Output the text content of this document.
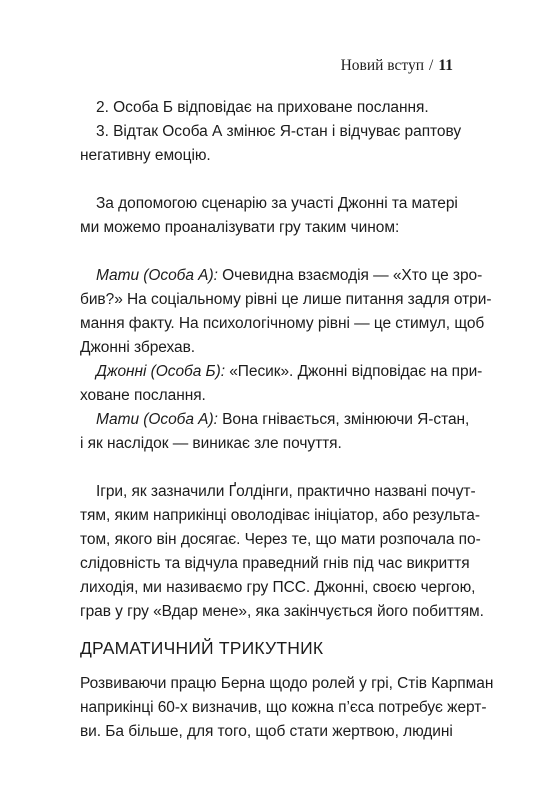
Новий вступ / 11
2. Особа Б відповідає на приховане послання.
3. Відтак Особа А змінює Я-стан і відчуває раптову
негативну емоцію.
За допомогою сценарію за участі Джонні та матері
ми можемо проаналізувати гру таким чином:
Мати (Особа А): Очевидна взаємодія — «Хто це зро-
бив?» На соціальному рівні це лише питання задля отри-
мання факту. На психологічному рівні — це стимул, щоб
Джонні збрехав.
Джонні (Особа Б): «Песик». Джонні відповідає на при-
ховане послання.
Мати (Особа А): Вона гнівається, змінюючи Я-стан,
і як наслідок — виникає зле почуття.
Ігри, як зазначили Ґолдінги, практично названі почут-
тям, яким наприкінці оволодіває ініціатор, або результа-
том, якого він досягає. Через те, що мати розпочала по-
слідовність та відчула праведний гнів під час викриття
лиходія, ми називаємо гру ПСС. Джонні, своєю чергою,
грав у гру «Вдар мене», яка закінчується його побиттям.
ДРАМАТИЧНИЙ ТРИКУТНИК
Розвиваючи працю Берна щодо ролей у грі, Стів Карпман
наприкінці 60-х визначив, що кожна п’єса потребує жерт-
ви. Ба більше, для того, щоб стати жертвою, людині
